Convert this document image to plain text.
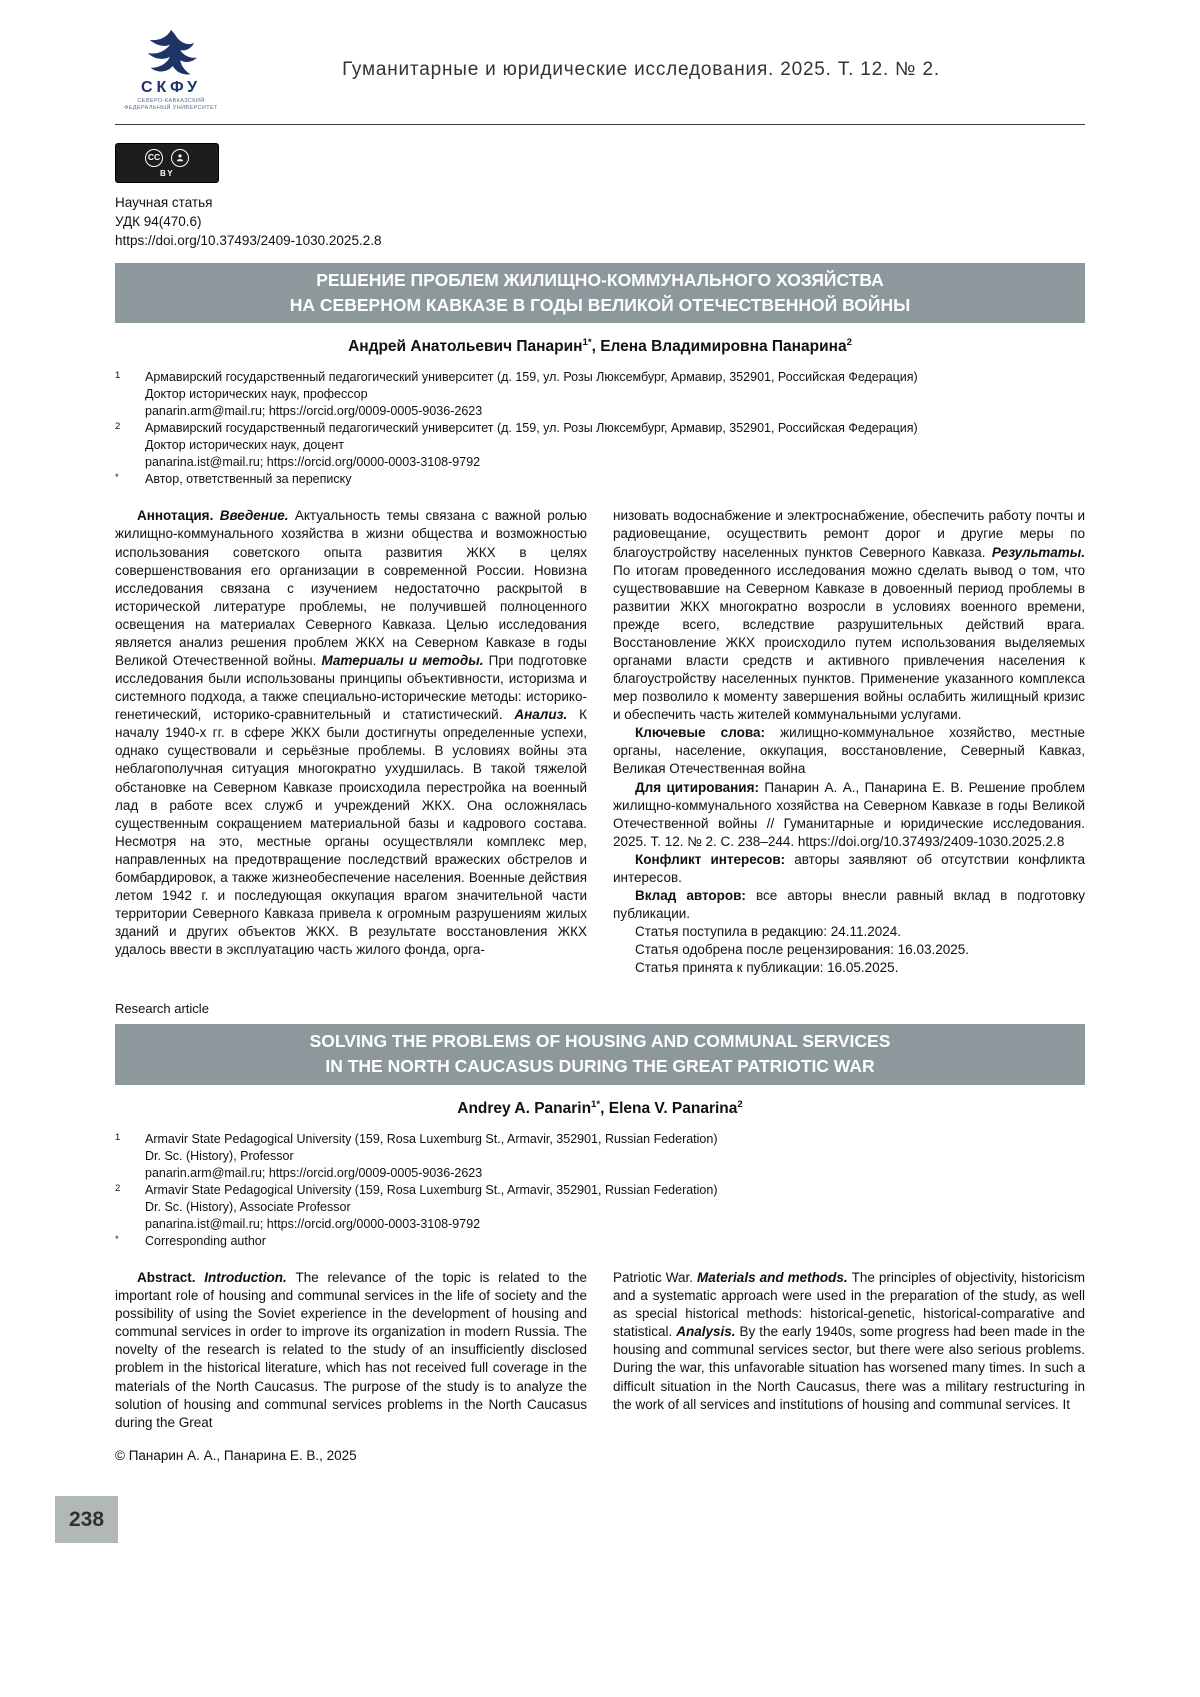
СКФУ
СЕВЕРО-КАВКАЗСКИЙ
ФЕДЕРАЛЬНЫЙ УНИВЕРСИТЕТ
Гуманитарные и юридические исследования. 2025. Т. 12. № 2.
CC
BY
Научная статья
УДК 94(470.6)
https://doi.org/10.37493/2409-1030.2025.2.8
РЕШЕНИЕ ПРОБЛЕМ ЖИЛИЩНО-КОММУНАЛЬНОГО ХОЗЯЙСТВА
НА СЕВЕРНОМ КАВКАЗЕ В ГОДЫ ВЕЛИКОЙ ОТЕЧЕСТВЕННОЙ ВОЙНЫ
Андрей Анатольевич Панарин$^{1*}$, Елена Владимировна Панарина$^2$
1	Армавирский государственный педагогический университет (д. 159, ул. Розы Люксембург, Армавир, 352901, Российская Федерация)
Доктор исторических наук, профессор
panarin.arm@mail.ru; https://orcid.org/0009-0005-9036-2623
2	Армавирский государственный педагогический университет (д. 159, ул. Розы Люксембург, Армавир, 352901, Российская Федерация)
Доктор исторических наук, доцент
panarina.ist@mail.ru; https://orcid.org/0000-0003-3108-9792
*	Автор, ответственный за переписку

Аннотация. Введение. Актуальность темы связана с важной ролью жилищно-коммунального хозяйства в жизни общества и возможностью использования советского опыта развития ЖКХ в целях совершенствования его организации в современной России. Новизна исследования связана с изучением недостаточно раскрытой в исторической литературе проблемы, не получившей полноценного освещения на материалах Северного Кавказа. Целью исследования является анализ решения проблем ЖКХ на Северном Кавказе в годы Великой Отечественной войны. Материалы и методы. При подготовке исследования были использованы принципы объективности, историзма и системного подхода, а также специально-исторические методы: историко-генетический, историко-сравнительный и статистический. Анализ. К началу 1940-х гг. в сфере ЖКХ были достигнуты определенные успехи, однако существовали и серьёзные проблемы. В условиях войны эта неблагополучная ситуация многократно ухудшилась. В такой тяжелой обстановке на Северном Кавказе происходила перестройка на военный лад в работе всех служб и учреждений ЖКХ. Она осложнялась существенным сокращением материальной базы и кадрового состава. Несмотря на это, местные органы осуществляли комплекс мер, направленных на предотвращение последствий вражеских обстрелов и бомбардировок, а также жизнеобеспечение населения. Военные действия летом 1942 г. и последующая оккупация врагом значительной части территории Северного Кавказа привела к огромным разрушениям жилых зданий и других объектов ЖКХ. В результате восстановления ЖКХ удалось ввести в эксплуатацию часть жилого фонда, орга-

низовать водоснабжение и электроснабжение, обеспечить работу почты и радиовещание, осуществить ремонт дорог и другие меры по благоустройству населенных пунктов Северного Кавказа. Результаты. По итогам проведенного исследования можно сделать вывод о том, что существовавшие на Северном Кавказе в довоенный период проблемы в развитии ЖКХ многократно возросли в условиях военного времени, прежде всего, вследствие разрушительных действий врага. Восстановление ЖКХ происходило путем использования выделяемых органами власти средств и активного привлечения населения к благоустройству населенных пунктов. Применение указанного комплекса мер позволило к моменту завершения войны ослабить жилищный кризис и обеспечить часть жителей коммунальными услугами.

Ключевые слова: жилищно-коммунальное хозяйство, местные органы, население, оккупация, восстановление, Северный Кавказ, Великая Отечественная война

Для цитирования: Панарин А. А., Панарина Е. В. Решение проблем жилищно-коммунального хозяйства на Северном Кавказе в годы Великой Отечественной войны // Гуманитарные и юридические исследования. 2025. Т. 12. № 2. С. 238–244. https://doi.org/10.37493/2409-1030.2025.2.8

Конфликт интересов: авторы заявляют об отсутствии конфликта интересов.

Вклад авторов: все авторы внесли равный вклад в подготовку публикации.

Статья поступила в редакцию: 24.11.2024.

Статья одобрена после рецензирования: 16.03.2025.

Статья принята к публикации: 16.05.2025.

Research article
SOLVING THE PROBLEMS OF HOUSING AND COMMUNAL SERVICES
IN THE NORTH CAUCASUS DURING THE GREAT PATRIOTIC WAR
Andrey A. Panarin$^{1*}$, Elena V. Panarina$^2$
1	Armavir State Pedagogical University (159, Rosa Luxemburg St., Armavir, 352901, Russian Federation)
Dr. Sc. (History), Professor
panarin.arm@mail.ru; https://orcid.org/0009-0005-9036-2623
2	Armavir State Pedagogical University (159, Rosa Luxemburg St., Armavir, 352901, Russian Federation)
Dr. Sc. (History), Associate Professor
panarina.ist@mail.ru; https://orcid.org/0000-0003-3108-9792
*	Corresponding author

Abstract. Introduction. The relevance of the topic is related to the important role of housing and communal services in the life of society and the possibility of using the Soviet experience in the development of housing and communal services in order to improve its organization in modern Russia. The novelty of the research is related to the study of an insufficiently disclosed problem in the historical literature, which has not received full coverage in the materials of the North Caucasus. The purpose of the study is to analyze the solution of housing and communal services problems in the North Caucasus during the Great

Patriotic War. Materials and methods. The principles of objectivity, historicism and a systematic approach were used in the preparation of the study, as well as special historical methods: historical-genetic, historical-comparative and statistical. Analysis. By the early 1940s, some progress had been made in the housing and communal services sector, but there were also serious problems. During the war, this unfavorable situation has worsened many times. In such a difficult situation in the North Caucasus, there was a military restructuring in the work of all services and institutions of housing and communal services. It

© Панарин А. А., Панарина Е. В., 2025
238
